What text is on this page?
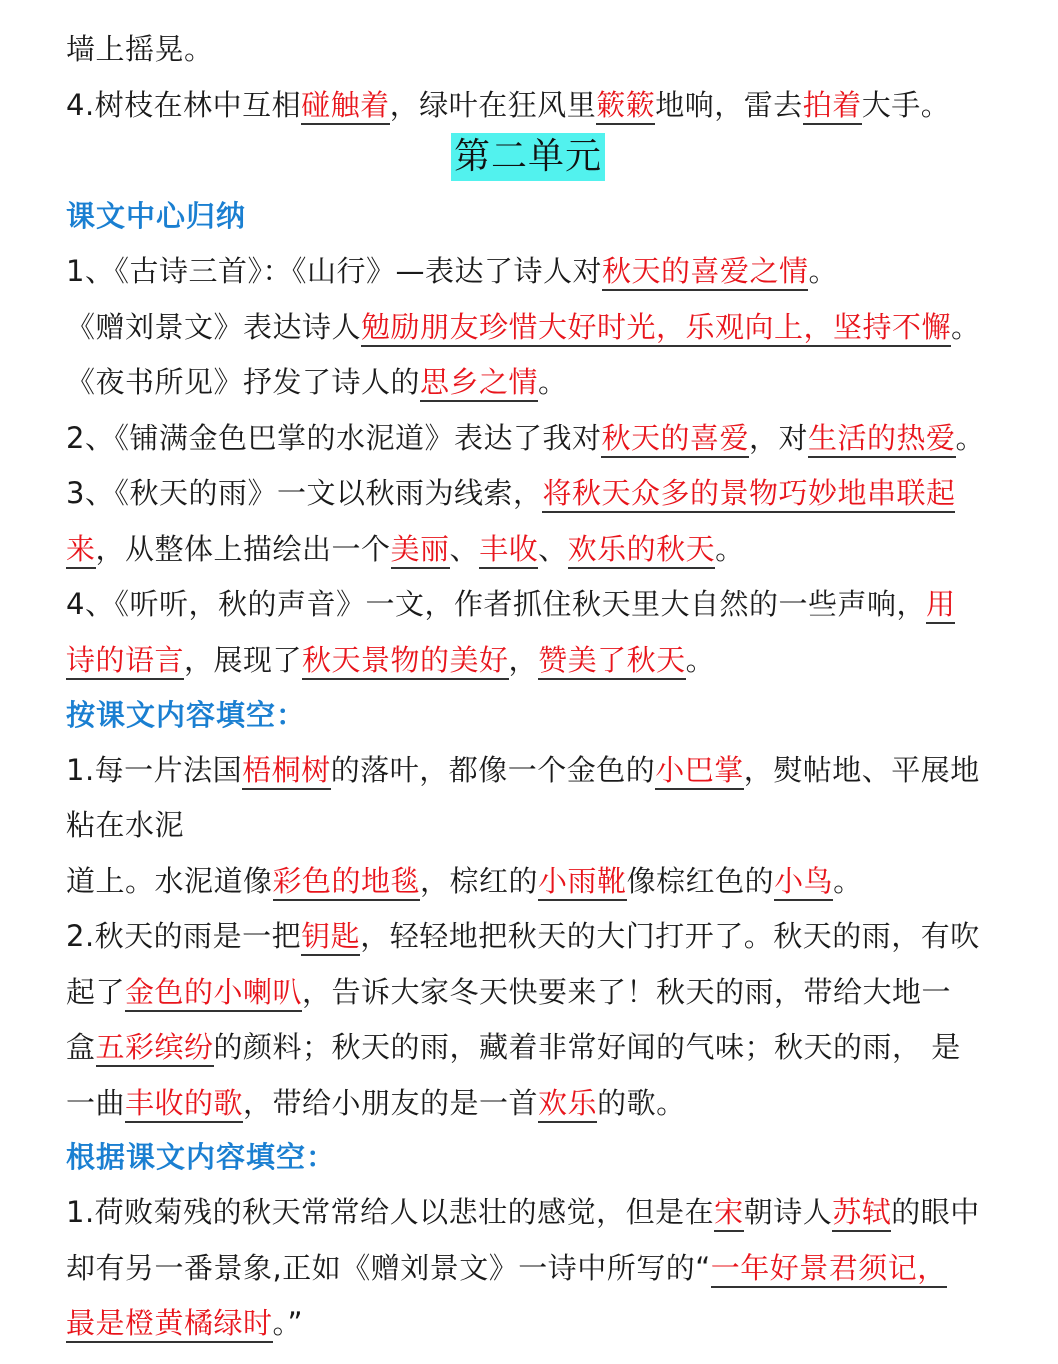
墙上摇晃。
4.树枝在林中互相碰触着，绿叶在狂风里簌簌地响，雷去拍着大手。
第二单元
课文中心归纳
1、《古诗三首》：《山行》—表达了诗人对秋天的喜爱之情。
《赠刘景文》表达诗人勉励朋友珍惜大好时光，乐观向上，坚持不懈。
《夜书所见》抒发了诗人的思乡之情。
2、《铺满金色巴掌的水泥道》表达了我对秋天的喜爱，对生活的热爱。
3、《秋天的雨》一文以秋雨为线索，将秋天众多的景物巧妙地串联起
来，从整体上描绘出一个美丽、丰收、欢乐的秋天。
4、《听听，秋的声音》一文，作者抓住秋天里大自然的一些声响，用
诗的语言，展现了秋天景物的美好，赞美了秋天。
按课文内容填空：
1.每一片法国梧桐树的落叶，都像一个金色的小巴掌，熨帖地、平展地
粘在水泥
道上。水泥道像彩色的地毯，棕红的小雨靴像棕红色的小鸟。
2.秋天的雨是一把钥匙，轻轻地把秋天的大门打开了。秋天的雨，有吹
起了金色的小喇叭，告诉大家冬天快要来了！秋天的雨，带给大地一
盒五彩缤纷的颜料；秋天的雨，藏着非常好闻的气味；秋天的雨， 是
一曲丰收的歌，带给小朋友的是一首欢乐的歌。
根据课文内容填空：
1.荷败菊残的秋天常常给人以悲壮的感觉，但是在宋朝诗人苏轼的眼中
却有另一番景象,正如《赠刘景文》一诗中所写的“一年好景君须记，
最是橙黄橘绿时。”
